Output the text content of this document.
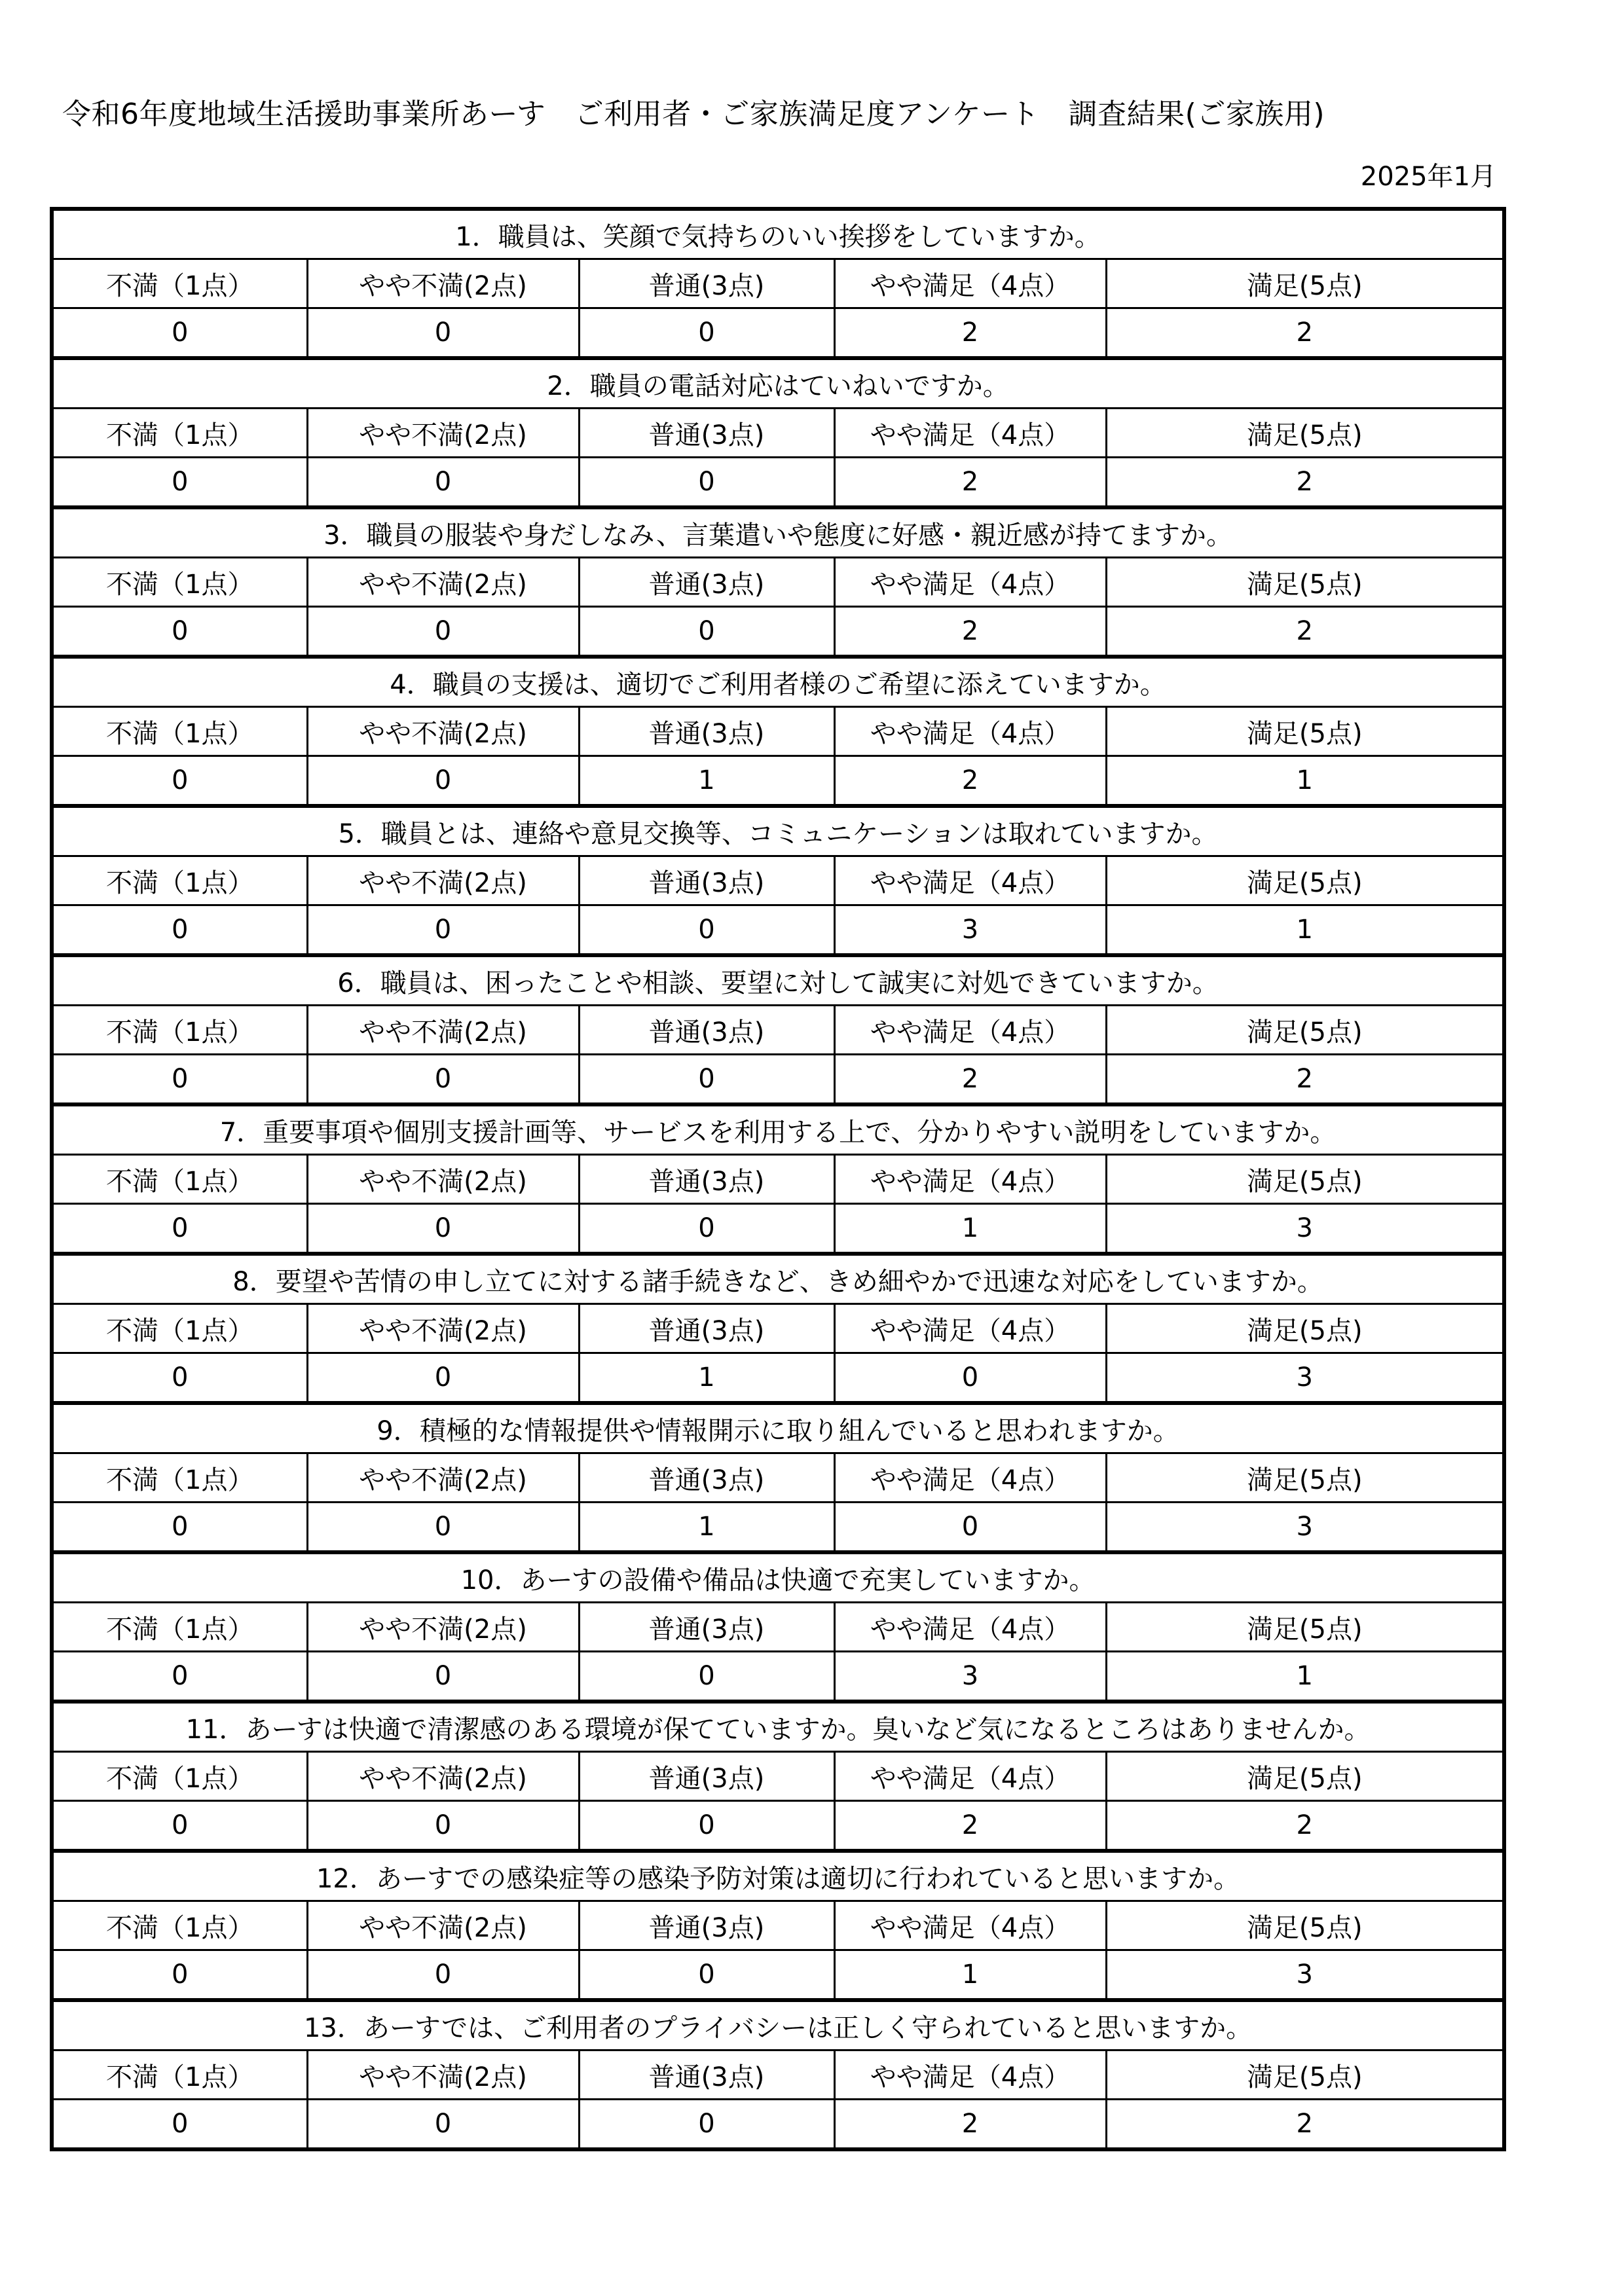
令和6年度地域生活援助事業所あーす　ご利用者・ご家族満足度アンケート　調査結果(ご家族用)
2025年1月
1．職員は、笑顔で気持ちのいい挨拶をしていますか。				
不満（1点）	やや不満(2点)	普通(3点)	やや満足（4点）	満足(5点)
0	0	0	2	2
2．職員の電話対応はていねいですか。				
不満（1点）	やや不満(2点)	普通(3点)	やや満足（4点）	満足(5点)
0	0	0	2	2
3．職員の服装や身だしなみ、言葉遣いや態度に好感・親近感が持てますか。				
不満（1点）	やや不満(2点)	普通(3点)	やや満足（4点）	満足(5点)
0	0	0	2	2
4．職員の支援は、適切でご利用者様のご希望に添えていますか。				
不満（1点）	やや不満(2点)	普通(3点)	やや満足（4点）	満足(5点)
0	0	1	2	1
5．職員とは、連絡や意見交換等、コミュニケーションは取れていますか。				
不満（1点）	やや不満(2点)	普通(3点)	やや満足（4点）	満足(5点)
0	0	0	3	1
6．職員は、困ったことや相談、要望に対して誠実に対処できていますか。				
不満（1点）	やや不満(2点)	普通(3点)	やや満足（4点）	満足(5点)
0	0	0	2	2
7．重要事項や個別支援計画等、サービスを利用する上で、分かりやすい説明をしていますか。				
不満（1点）	やや不満(2点)	普通(3点)	やや満足（4点）	満足(5点)
0	0	0	1	3
8．要望や苦情の申し立てに対する諸手続きなど、きめ細やかで迅速な対応をしていますか。				
不満（1点）	やや不満(2点)	普通(3点)	やや満足（4点）	満足(5点)
0	0	1	0	3
9．積極的な情報提供や情報開示に取り組んでいると思われますか。				
不満（1点）	やや不満(2点)	普通(3点)	やや満足（4点）	満足(5点)
0	0	1	0	3
10．あーすの設備や備品は快適で充実していますか。				
不満（1点）	やや不満(2点)	普通(3点)	やや満足（4点）	満足(5点)
0	0	0	3	1
11．あーすは快適で清潔感のある環境が保てていますか。臭いなど気になるところはありませんか。				
不満（1点）	やや不満(2点)	普通(3点)	やや満足（4点）	満足(5点)
0	0	0	2	2
12．あーすでの感染症等の感染予防対策は適切に行われていると思いますか。				
不満（1点）	やや不満(2点)	普通(3点)	やや満足（4点）	満足(5点)
0	0	0	1	3
13．あーすでは、ご利用者のプライバシーは正しく守られていると思いますか。				
不満（1点）	やや不満(2点)	普通(3点)	やや満足（4点）	満足(5点)
0	0	0	2	2
